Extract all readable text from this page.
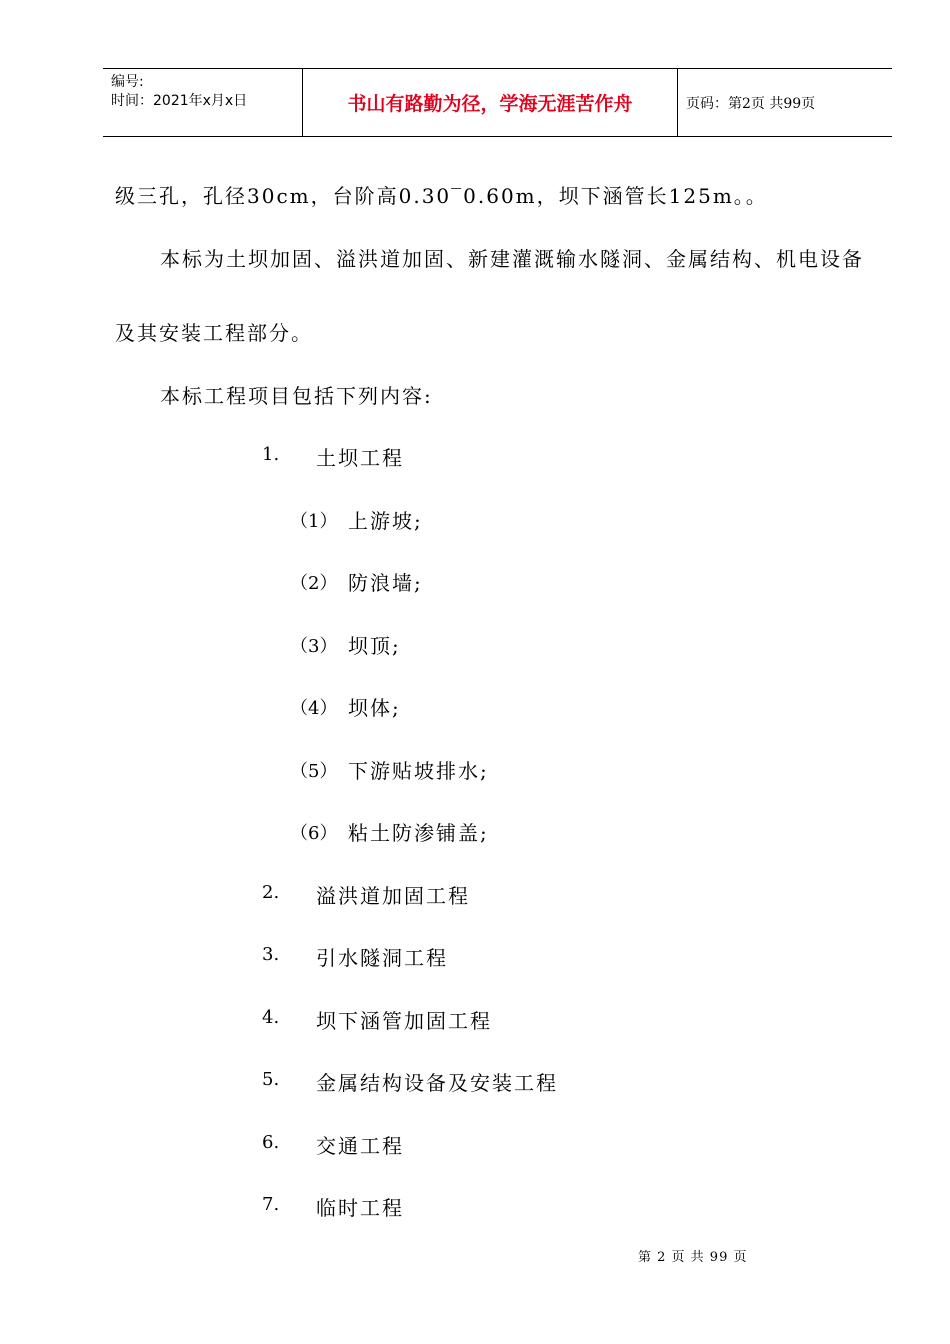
编号:
时间：2021年x月x日	书山有路勤为径，学海无涯苦作舟	页码：第2页 共99页
级三孔，孔径30cm，台阶高0.30‾0.60m，坝下涵管长125m。。
本标为土坝加固、溢洪道加固、新建灌溉输水隧洞、金属结构、机电设备
及其安装工程部分。
本标工程项目包括下列内容:
1. 土坝工程
（1） 上游坡;
（2） 防浪墙;
（3） 坝顶;
（4） 坝体;
（5） 下游贴坡排水;
（6） 粘土防渗铺盖;
2. 溢洪道加固工程
3. 引水隧洞工程
4. 坝下涵管加固工程
5. 金属结构设备及安装工程
6. 交通工程
7. 临时工程
第 2 页 共 99 页
